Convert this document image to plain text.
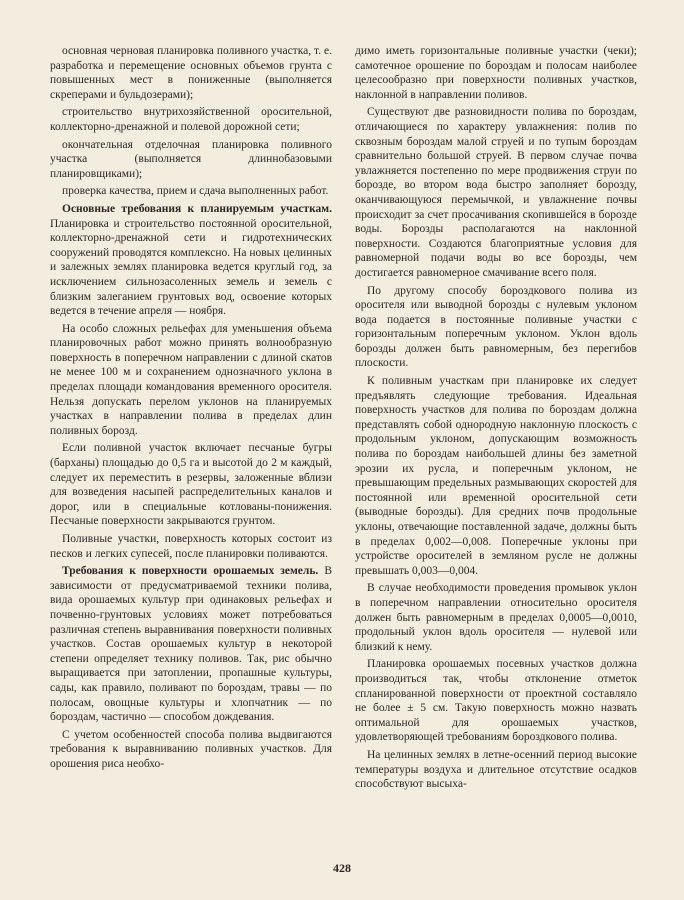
основная черновая планировка поливного участка, т. е. разработка и перемещение основных объемов грунта с повышенных мест в пониженные (выполняется скреперами и бульдозерами);

строительство внутрихозяйственной оросительной, коллекторно-дренажной и полевой дорожной сети;

окончательная отделочная планировка поливного участка (выполняется длиннобазовыми планировщиками);

проверка качества, прием и сдача выполненных работ.

Основные требования к планируемым участкам. Планировка и строительство постоянной оросительной, коллекторно-дренажной сети и гидротехнических сооружений проводятся комплексно. На новых целинных и залежных землях планировка ведется круглый год, за исключением сильнозасоленных земель и земель с близким залеганием грунтовых вод, освоение которых ведется в течение апреля — ноября.

На особо сложных рельефах для уменьшения объема планировочных работ можно принять волнообразную поверхность в поперечном направлении с длиной скатов не менее 100 м и сохранением однозначного уклона в пределах площади командования временного оросителя. Нельзя допускать перелом уклонов на планируемых участках в направлении полива в пределах длин поливных борозд.

Если поливной участок включает песчаные бугры (барханы) площадью до 0,5 га и высотой до 2 м каждый, следует их переместить в резервы, заложенные вблизи для возведения насыпей распределительных каналов и дорог, или в специальные котлованы-понижения. Песчаные поверхности закрываются грунтом.

Поливные участки, поверхность которых состоит из песков и легких супесей, после планировки поливаются.

Требования к поверхности орошаемых земель. В зависимости от предусматриваемой техники полива, вида орошаемых культур при одинаковых рельефах и почвенно-грунтовых условиях может потребоваться различная степень выравнивания поверхности поливных участков. Состав орошаемых культур в некоторой степени определяет технику поливов. Так, рис обычно выращивается при затоплении, пропашные культуры, сады, как правило, поливают по бороздам, травы — по полосам, овощные культуры и хлопчатник — по бороздам, частично — способом дождевания.

С учетом особенностей способа полива выдвигаются требования к выравниванию поливных участков. Для орошения риса необхо-

димо иметь горизонтальные поливные участки (чеки); самотечное орошение по бороздам и полосам наиболее целесообразно при поверхности поливных участков, наклонной в направлении поливов.

Существуют две разновидности полива по бороздам, отличающиеся по характеру увлажнения: полив по сквозным бороздам малой струей и по тупым бороздам сравнительно большой струей. В первом случае почва увлажняется постепенно по мере продвижения струи по борозде, во втором вода быстро заполняет борозду, оканчивающуюся перемычкой, и увлажнение почвы происходит за счет просачивания скопившейся в борозде воды. Борозды располагаются на наклонной поверхности. Создаются благоприятные условия для равномерной подачи воды во все борозды, чем достигается равномерное смачивание всего поля.

По другому способу бороздкового полива из оросителя или выводной борозды с нулевым уклоном вода подается в постоянные поливные участки с горизонтальным поперечным уклоном. Уклон вдоль борозды должен быть равномерным, без перегибов плоскости.

К поливным участкам при планировке их следует предъявлять следующие требования. Идеальная поверхность участков для полива по бороздам должна представлять собой однородную наклонную плоскость с продольным уклоном, допускающим возможность полива по бороздам наибольшей длины без заметной эрозии их русла, и поперечным уклоном, не превышающим предельных размывающих скоростей для постоянной или временной оросительной сети (выводные борозды). Для средних почв продольные уклоны, отвечающие поставленной задаче, должны быть в пределах 0,002—0,008. Поперечные уклоны при устройстве оросителей в земляном русле не должны превышать 0,003—0,004.

В случае необходимости проведения промывок уклон в поперечном направлении относительно оросителя должен быть равномерным в пределах 0,0005—0,0010, продольный уклон вдоль оросителя — нулевой или близкий к нему.

Планировка орошаемых посевных участков должна производиться так, чтобы отклонение отметок спланированной поверхности от проектной составляло не более ± 5 см. Такую поверхность можно назвать оптимальной для орошаемых участков, удовлетворяющей требованиям бороздкового полива.

На целинных землях в летне-осенний период высокие температуры воздуха и длительное отсутствие осадков способствуют высыха-

428
